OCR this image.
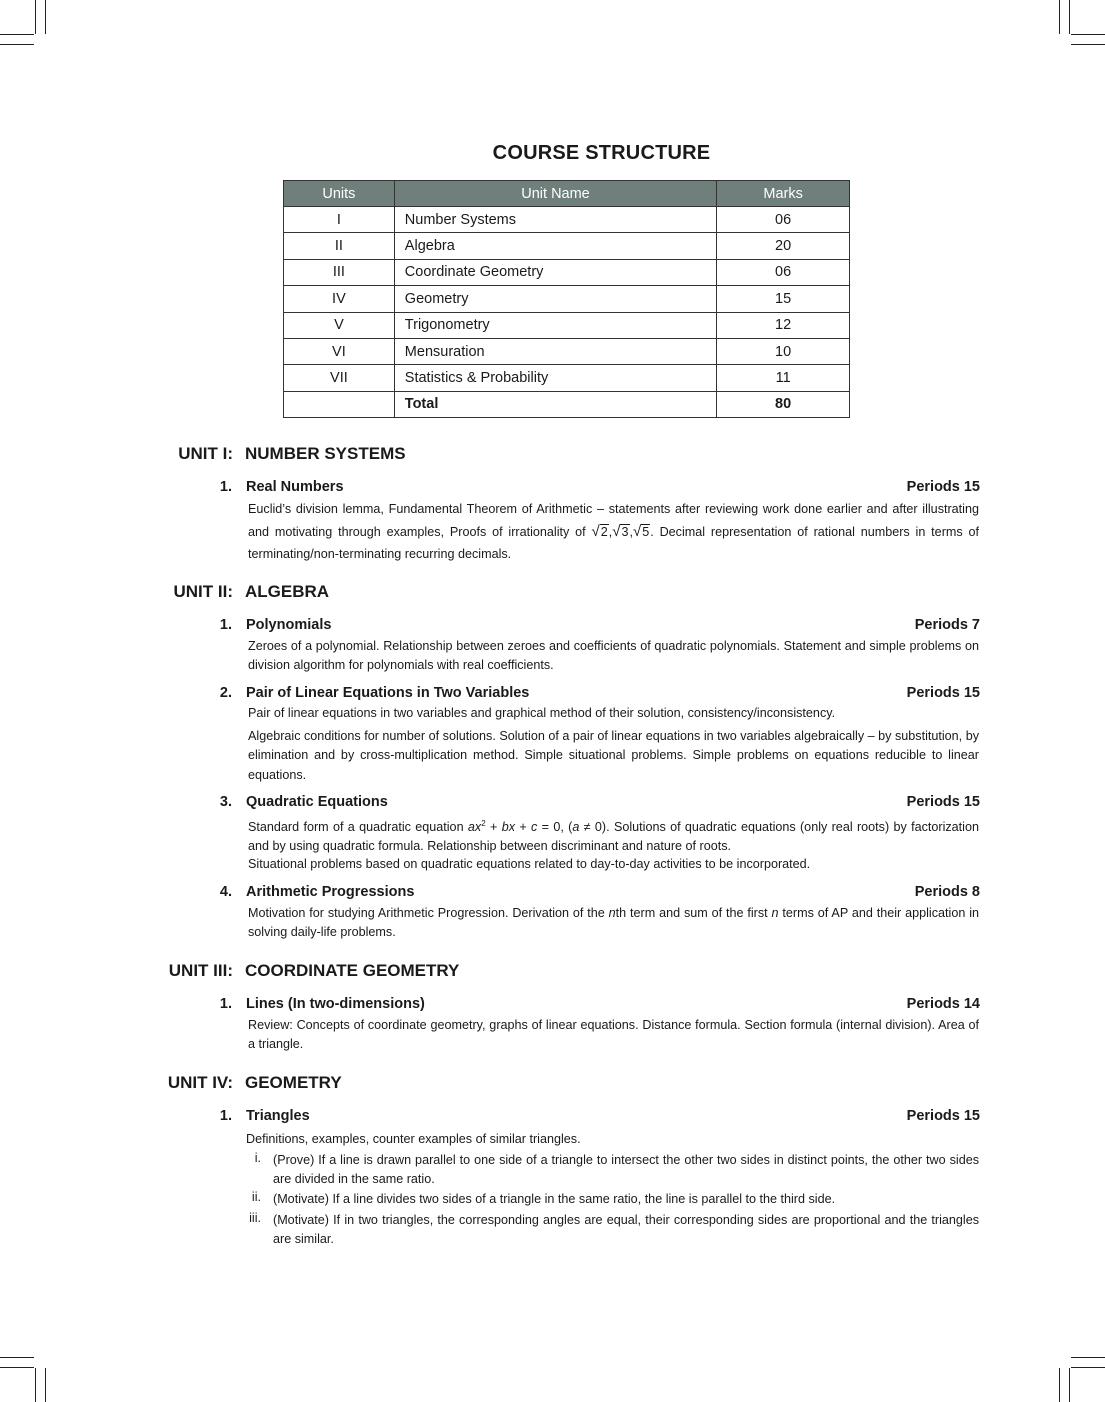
COURSE STRUCTURE
Units	Unit Name	Marks
I	Number Systems	06
II	Algebra	20
III	Coordinate Geometry	06
IV	Geometry	15
V	Trigonometry	12
VI	Mensuration	10
VII	Statistics & Probability	11
	Total	80
UNIT I: NUMBER SYSTEMS
1. Real Numbers	Periods 15
Euclid’s division lemma, Fundamental Theorem of Arithmetic – statements after reviewing work done earlier and after illustrating and motivating through examples, Proofs of irrationality of √2,√3,√5. Decimal representation of rational numbers in terms of terminating/non-terminating recurring decimals.
UNIT II: ALGEBRA
1. Polynomials	Periods 7
Zeroes of a polynomial. Relationship between zeroes and coefficients of quadratic polynomials. Statement and simple problems on division algorithm for polynomials with real coefficients.
2. Pair of Linear Equations in Two Variables	Periods 15
Pair of linear equations in two variables and graphical method of their solution, consistency/inconsistency.
Algebraic conditions for number of solutions. Solution of a pair of linear equations in two variables algebraically – by substitution, by elimination and by cross-multiplication method. Simple situational problems. Simple problems on equations reducible to linear equations.
3. Quadratic Equations	Periods 15
Standard form of a quadratic equation $ax^2$ + bx + c = 0, (a ≠ 0). Solutions of quadratic equations (only real roots) by factorization and by using quadratic formula. Relationship between discriminant and nature of roots.
Situational problems based on quadratic equations related to day-to-day activities to be incorporated.
4. Arithmetic Progressions	Periods 8
Motivation for studying Arithmetic Progression. Derivation of the nth term and sum of the first n terms of AP and their application in solving daily-life problems.
UNIT III: COORDINATE GEOMETRY
1. Lines (In two-dimensions)	Periods 14
Review: Concepts of coordinate geometry, graphs of linear equations. Distance formula. Section formula (internal division). Area of a triangle.
UNIT IV: GEOMETRY
1. Triangles	Periods 15
Definitions, examples, counter examples of similar triangles.
i. (Prove) If a line is drawn parallel to one side of a triangle to intersect the other two sides in distinct points, the other two sides are divided in the same ratio.
ii. (Motivate) If a line divides two sides of a triangle in the same ratio, the line is parallel to the third side.
iii. (Motivate) If in two triangles, the corresponding angles are equal, their corresponding sides are proportional and the triangles are similar.
